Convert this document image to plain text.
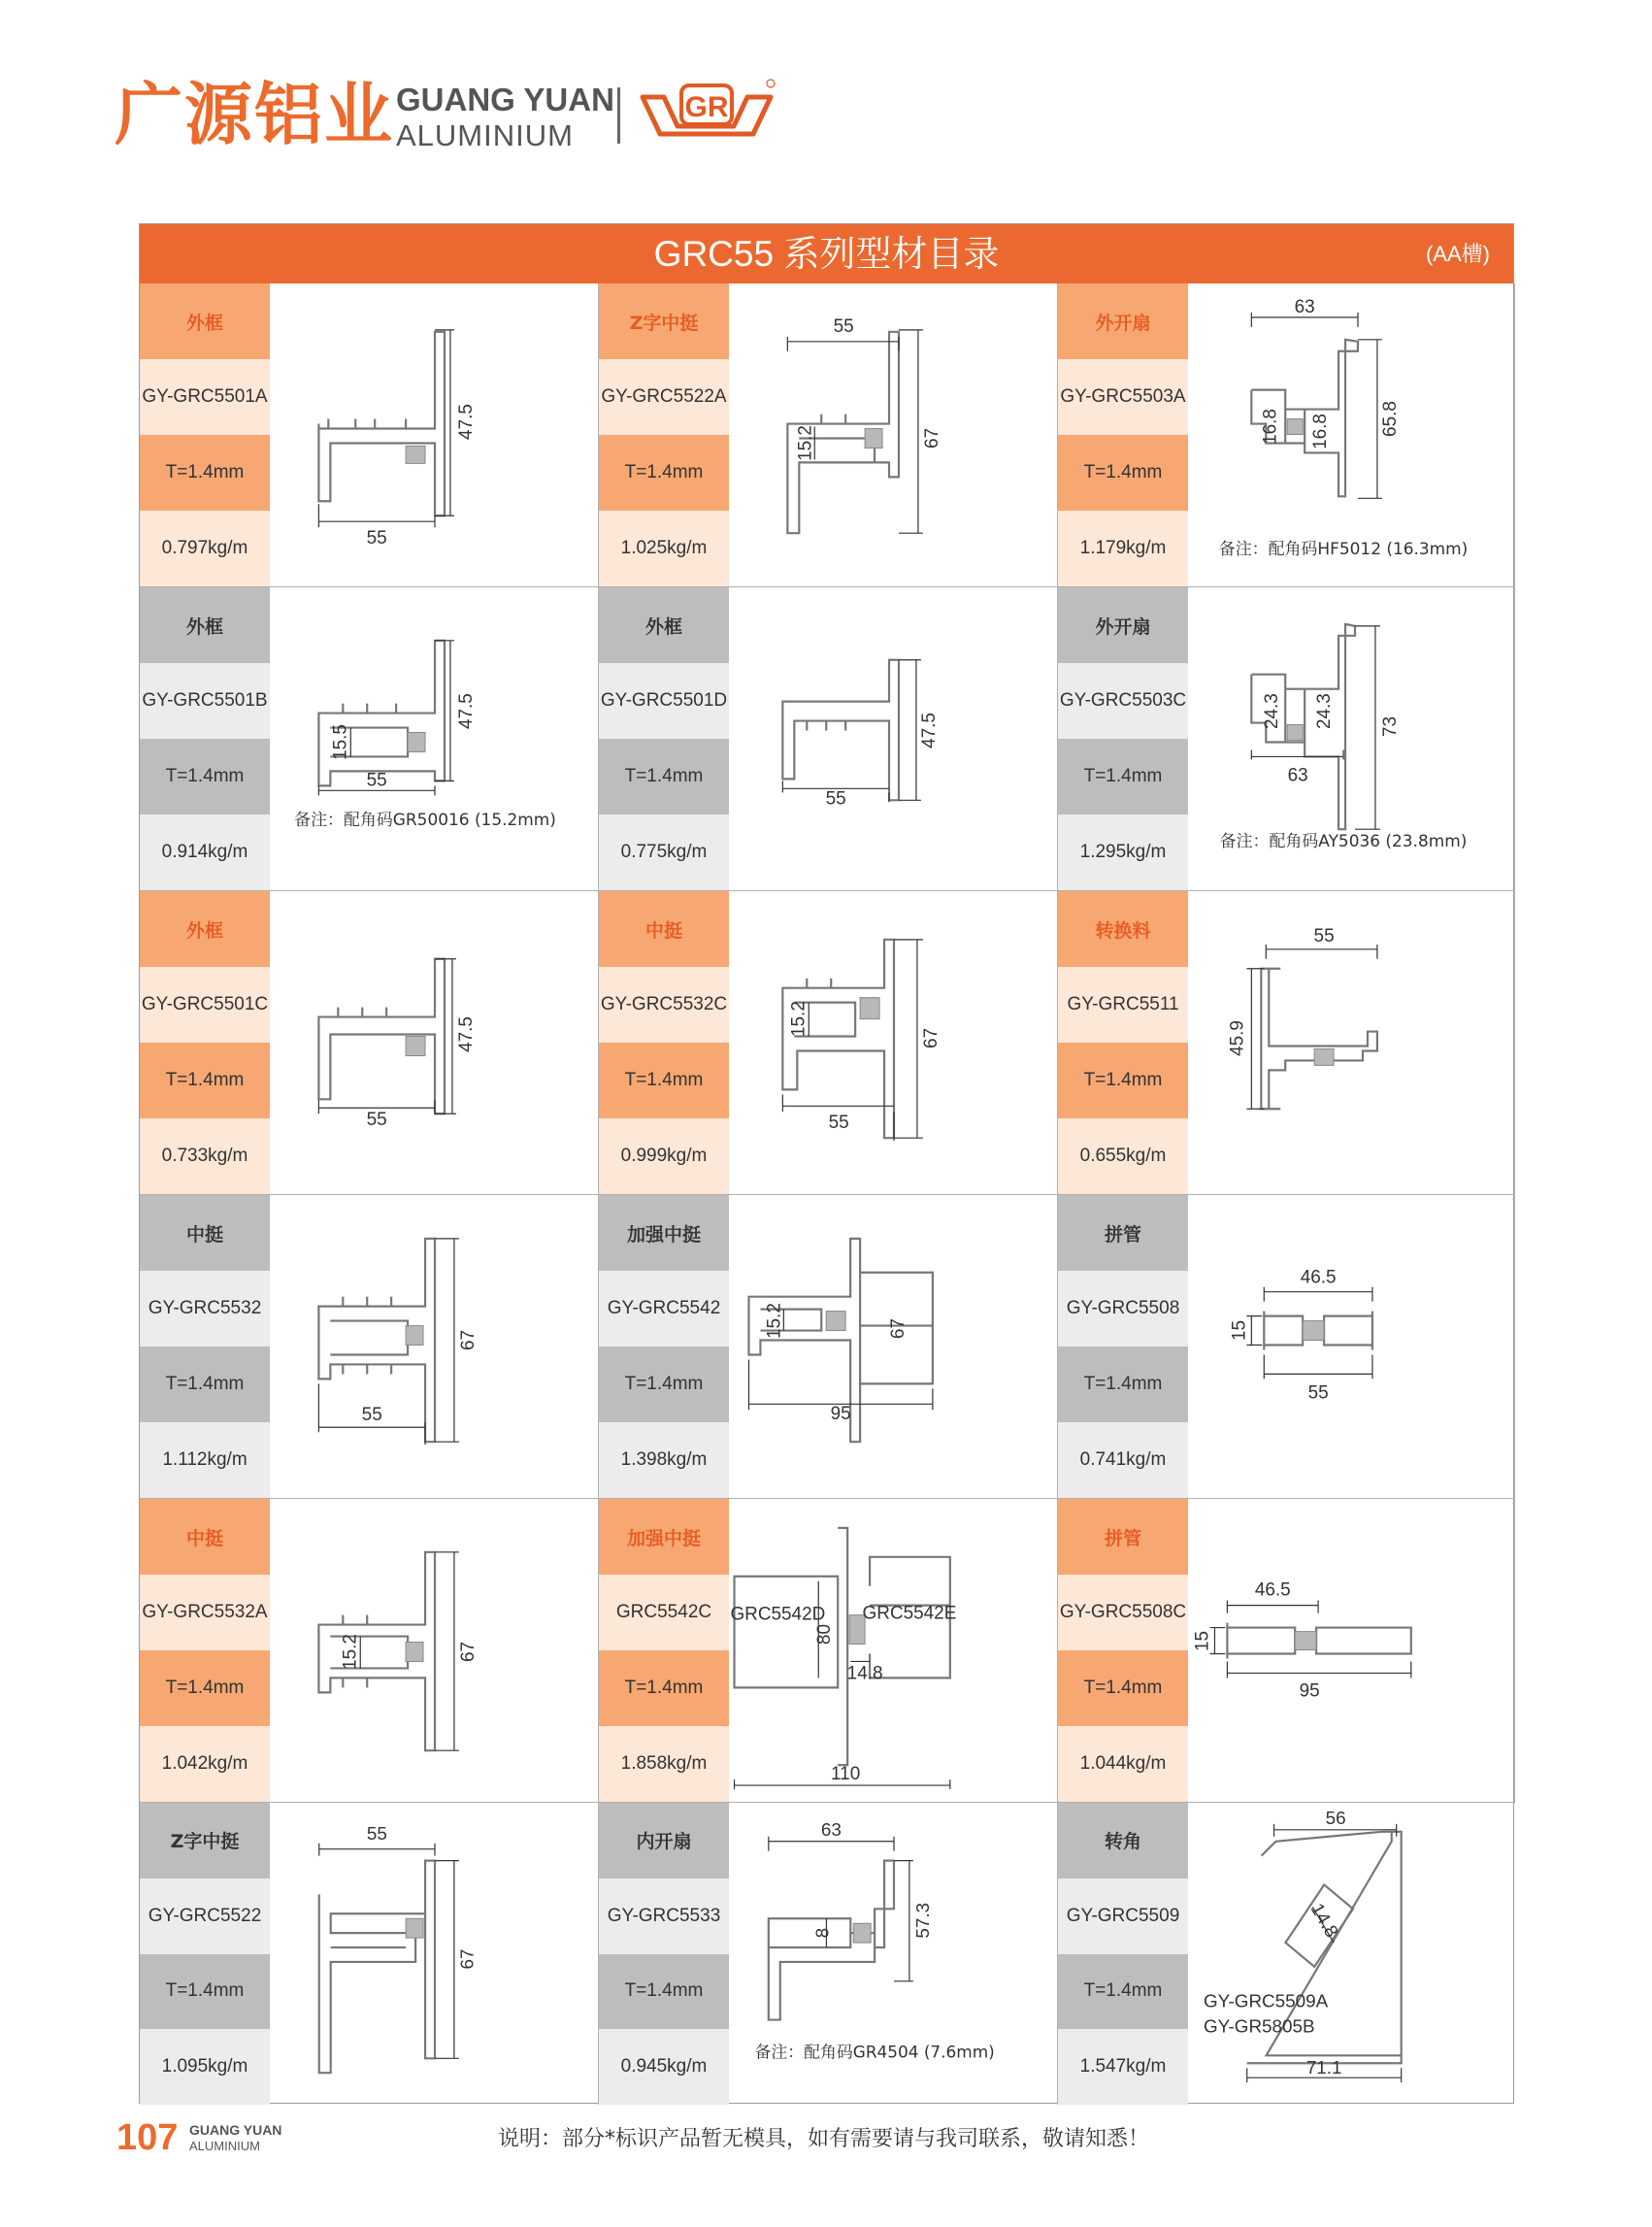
广源铝业 GUANG YUAN
ALUMINIUM
GR
GRC55 系列型材目录	(AA槽)
外框
GY-GRC5501A
T=1.4mm
0.797kg/m	55
47.5
Z字中挺
GY-GRC5522A
T=1.4mm
1.025kg/m
55
15.2	67
外开扇
GY-GRC5503A
T=1.4mm
1.179kg/m
63
16.8 16.8	65.8
备注：配角码HF5012 (16.3mm)
外框
GY-GRC5501B
T=1.4mm
0.914kg/m
55
15.5
47.5
备注：配角码GR50016 (15.2mm)
外框
GY-GRC5501D
T=1.4mm
0.775kg/m
55
47.5
外开扇
GY-GRC5503C
T=1.4mm
1.295kg/m
63
24.3 24.3 73
备注：配角码AY5036 (23.8mm)
外框
GY-GRC5501C
T=1.4mm
0.733kg/m
55
47.5
中挺
GY-GRC5532C
T=1.4mm
0.999kg/m
55
15.2
67
转换料
GY-GRC5511
T=1.4mm
0.655kg/m
55
45.9
中挺
GY-GRC5532
T=1.4mm
1.112kg/m
55
67
加强中挺
GY-GRC5542
T=1.4mm
1.398kg/m
95
15.2	67
拼管
GY-GRC5508
T=1.4mm
0.741kg/m
46.5
15
55
中挺
GY-GRC5532A
T=1.4mm
1.042kg/m
15.2	67
加强中挺
GRC5542C
T=1.4mm
1.858kg/m
GRC5542D
80
GRC5542E
14.8
110
拼管
GY-GRC5508C
T=1.4mm
1.044kg/m
46.5
15
95
Z字中挺
GY-GRC5522
T=1.4mm
1.095kg/m
55
67
内开扇
GY-GRC5533
T=1.4mm
0.945kg/m
63
8	57.3
备注：配角码GR4504 (7.6mm)
转角
GY-GRC5509
T=1.4mm
1.547kg/m
56
14.8
71.1
GY-GRC5509A
GY-GR5805B
107 GUANG YUAN
ALUMINIUM	说明：部分*标识产品暂无模具，如有需要请与我司联系，敬请知悉！
